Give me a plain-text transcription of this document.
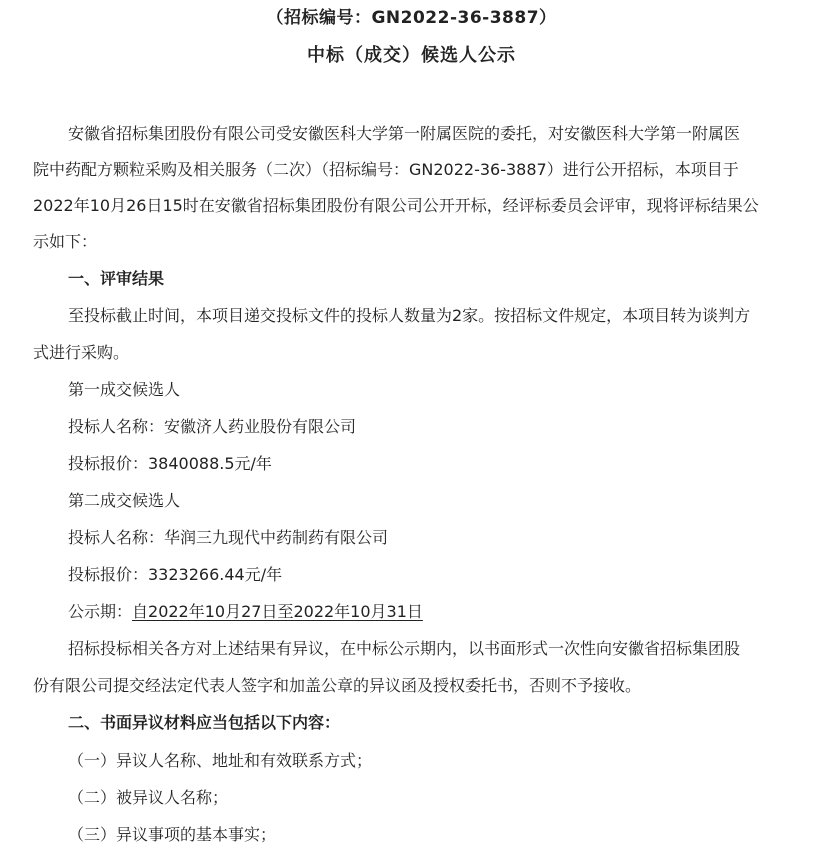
（招标编号：GN2022-36-3887）
中标（成交）候选人公示
安徽省招标集团股份有限公司受安徽医科大学第一附属医院的委托，对安徽医科大学第一附属医
院中药配方颗粒采购及相关服务（二次）（招标编号：GN2022-36-3887）进行公开招标，本项目于
2022年10月26日15时在安徽省招标集团股份有限公司公开开标，经评标委员会评审，现将评标结果公
示如下：
一、评审结果
至投标截止时间，本项目递交投标文件的投标人数量为2家。按招标文件规定，本项目转为谈判方
式进行采购。
第一成交候选人
投标人名称：安徽济人药业股份有限公司
投标报价：3840088.5元/年
第二成交候选人
投标人名称：华润三九现代中药制药有限公司
投标报价：3323266.44元/年
公示期：自2022年10月27日至2022年10月31日
招标投标相关各方对上述结果有异议，在中标公示期内，以书面形式一次性向安徽省招标集团股
份有限公司提交经法定代表人签字和加盖公章的异议函及授权委托书，否则不予接收。
二、书面异议材料应当包括以下内容：
（一）异议人名称、地址和有效联系方式；
（二）被异议人名称；
（三）异议事项的基本事实；
